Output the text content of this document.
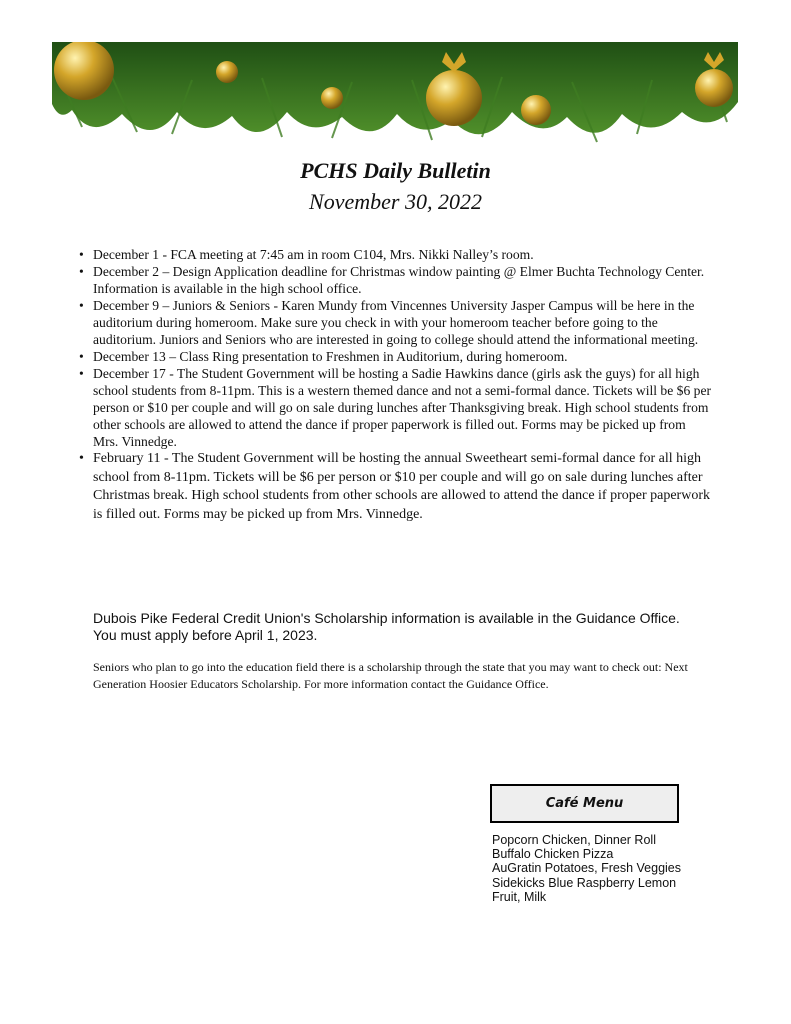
PCHS Daily Bulletin
November 30, 2022
• December 1 - FCA meeting at 7:45 am in room C104, Mrs. Nikki Nalley’s room.
• December 2 – Design Application deadline for Christmas window painting @ Elmer Buchta Technology Center. Information is available in the high school office.
• December 9 – Juniors & Seniors - Karen Mundy from Vincennes University Jasper Campus will be here in the auditorium during homeroom. Make sure you check in with your homeroom teacher before going to the auditorium. Juniors and Seniors who are interested in going to college should attend the informational meeting.
• December 13 – Class Ring presentation to Freshmen in Auditorium, during homeroom.
• December 17 - The Student Government will be hosting a Sadie Hawkins dance (girls ask the guys) for all high school students from 8-11pm. This is a western themed dance and not a semi-formal dance. Tickets will be $6 per person or $10 per couple and will go on sale during lunches after Thanksgiving break. High school students from other schools are allowed to attend the dance if proper paperwork is filled out. Forms may be picked up from Mrs. Vinnedge.
• February 11 - The Student Government will be hosting the annual Sweetheart semi-formal dance for all high school from 8-11pm. Tickets will be $6 per person or $10 per couple and will go on sale during lunches after Christmas break. High school students from other schools are allowed to attend the dance if proper paperwork is filled out. Forms may be picked up from Mrs. Vinnedge.
Dubois Pike Federal Credit Union's Scholarship information is available in the Guidance Office. You must apply before April 1, 2023.
Seniors who plan to go into the education field there is a scholarship through the state that you may want to check out: Next Generation Hoosier Educators Scholarship. For more information contact the Guidance Office.
Café Menu
Popcorn Chicken, Dinner Roll
Buffalo Chicken Pizza
AuGratin Potatoes, Fresh Veggies
Sidekicks Blue Raspberry Lemon
Fruit, Milk
